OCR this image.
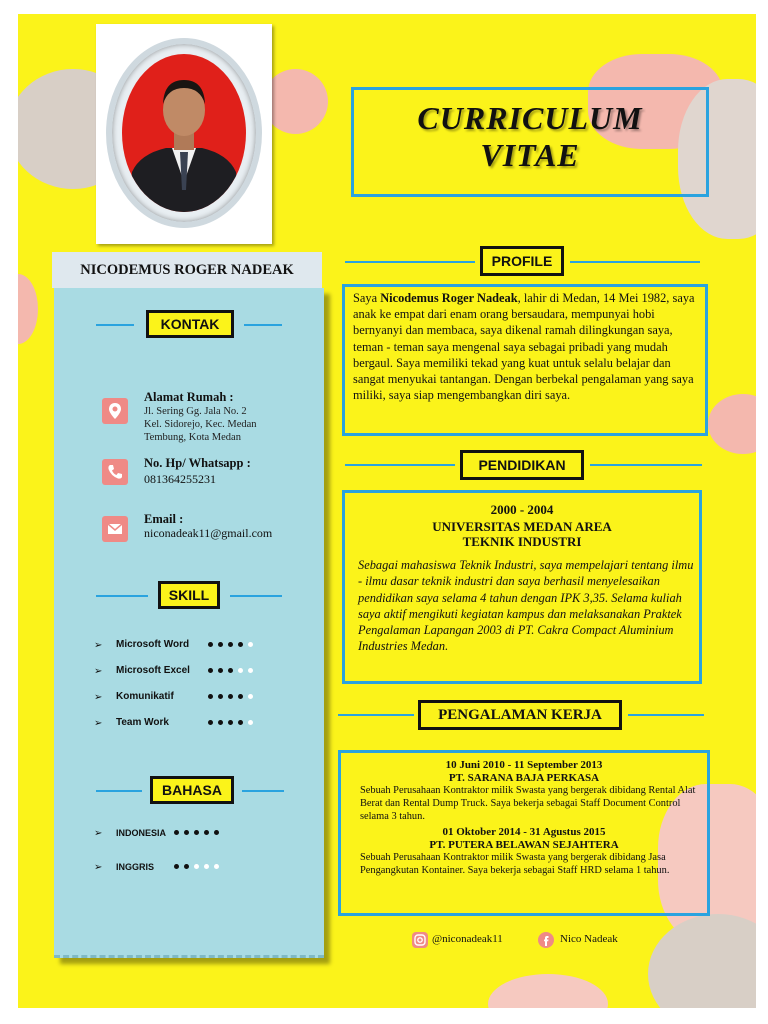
NICODEMUS ROGER NADEAK
KONTAK
Alamat Rumah :
Jl. Sering Gg. Jala No. 2
Kel. Sidorejo, Kec. Medan
Tembung, Kota Medan
No. Hp/ Whatsapp :
081364255231
Email :
niconadeak11@gmail.com
SKILL
➢ Microsoft Word
➢ Microsoft Excel
➢ Komunikatif
➢ Team Work
BAHASA
➢ INDONESIA
➢ INGGRIS
CURRICULUM
VITAE
PROFILE
Saya Nicodemus Roger Nadeak, lahir di Medan, 14 Mei 1982, saya anak ke empat dari enam orang bersaudara, mempunyai hobi bernyanyi dan membaca, saya dikenal ramah dilingkungan saya, teman - teman saya mengenal saya sebagai pribadi yang mudah bergaul. Saya memiliki tekad yang kuat untuk selalu belajar dan sangat menyukai tantangan. Dengan berbekal pengalaman yang saya miliki, saya siap mengembangkan diri saya.
PENDIDIKAN
2000 - 2004
UNIVERSITAS MEDAN AREA
TEKNIK INDUSTRI
Sebagai mahasiswa Teknik Industri, saya mempelajari tentang ilmu - ilmu dasar teknik industri dan saya berhasil menyelesaikan pendidikan saya selama 4 tahun dengan IPK 3,35. Selama kuliah saya aktif mengikuti kegiatan kampus dan melaksanakan Praktek Pengalaman Lapangan 2003 di PT. Cakra Compact Aluminium Industries Medan.
PENGALAMAN KERJA
10 Juni 2010 - 11 September 2013
PT. SARANA BAJA PERKASA
Sebuah Perusahaan Kontraktor milik Swasta yang bergerak dibidang Rental Alat Berat dan Rental Dump Truck. Saya bekerja sebagai Staff Document Control selama 3 tahun.
01 Oktober 2014 - 31 Agustus 2015
PT. PUTERA BELAWAN SEJAHTERA
Sebuah Perusahaan Kontraktor milik Swasta yang bergerak dibidang Jasa Pengangkutan Kontainer. Saya bekerja sebagai Staff HRD selama 1 tahun.
@niconadeak11	Nico Nadeak
